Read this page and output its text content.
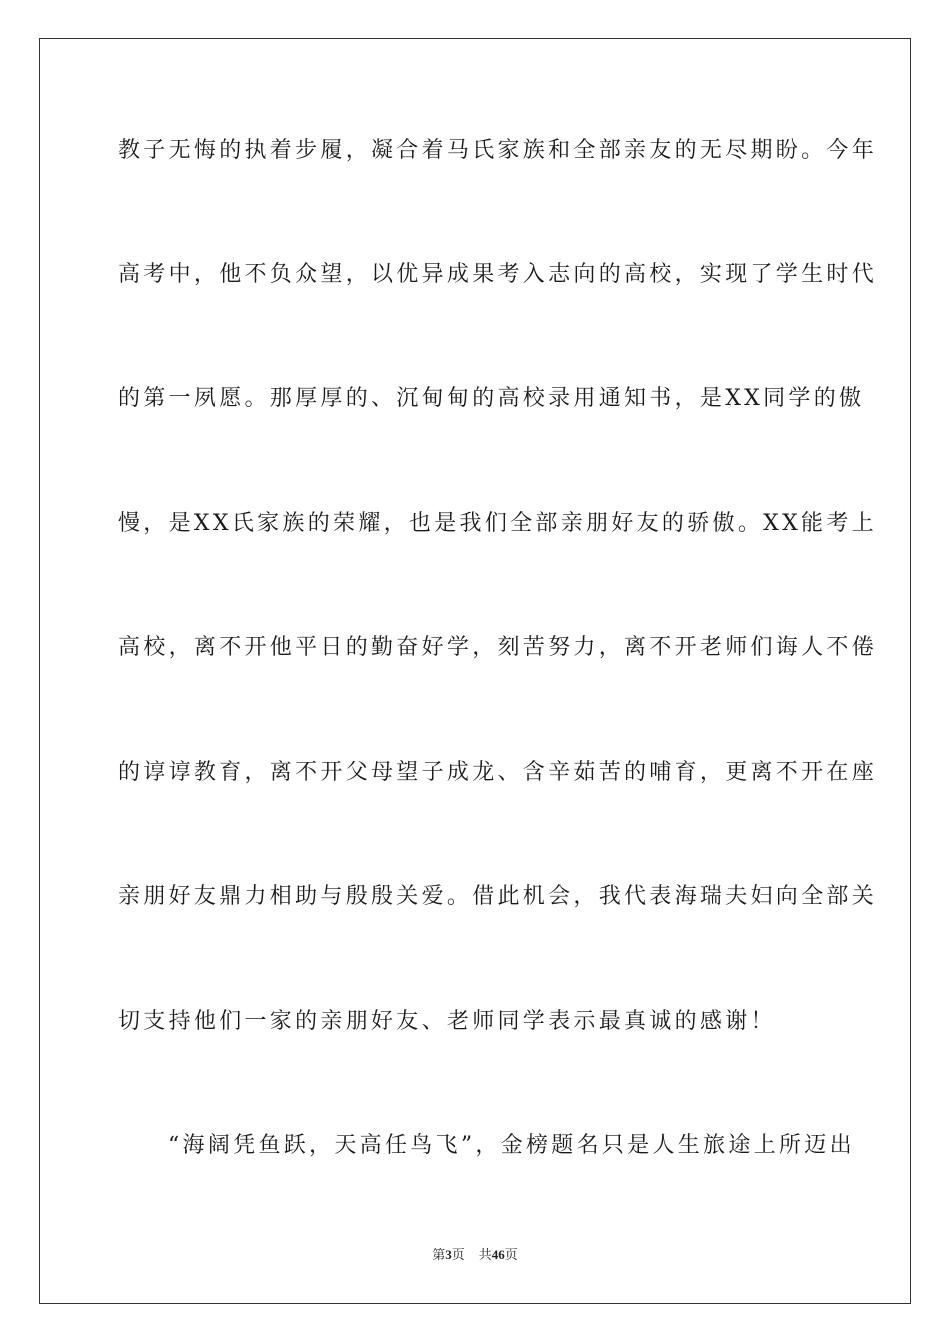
教子无悔的执着步履，凝合着马氏家族和全部亲友的无尽期盼。今年
高考中，他不负众望，以优异成果考入志向的高校，实现了学生时代
的第一夙愿。那厚厚的、沉甸甸的高校录用通知书，是XX同学的傲
慢，是XX氏家族的荣耀，也是我们全部亲朋好友的骄傲。XX能考上
高校，离不开他平日的勤奋好学，刻苦努力，离不开老师们诲人不倦
的谆谆教育，离不开父母望子成龙、含辛茹苦的哺育，更离不开在座
亲朋好友鼎力相助与殷殷关爱。借此机会，我代表海瑞夫妇向全部关
切支持他们一家的亲朋好友、老师同学表示最真诚的感谢！
“海阔凭鱼跃，天高任鸟飞”，金榜题名只是人生旅途上所迈出
第3页 共46页
